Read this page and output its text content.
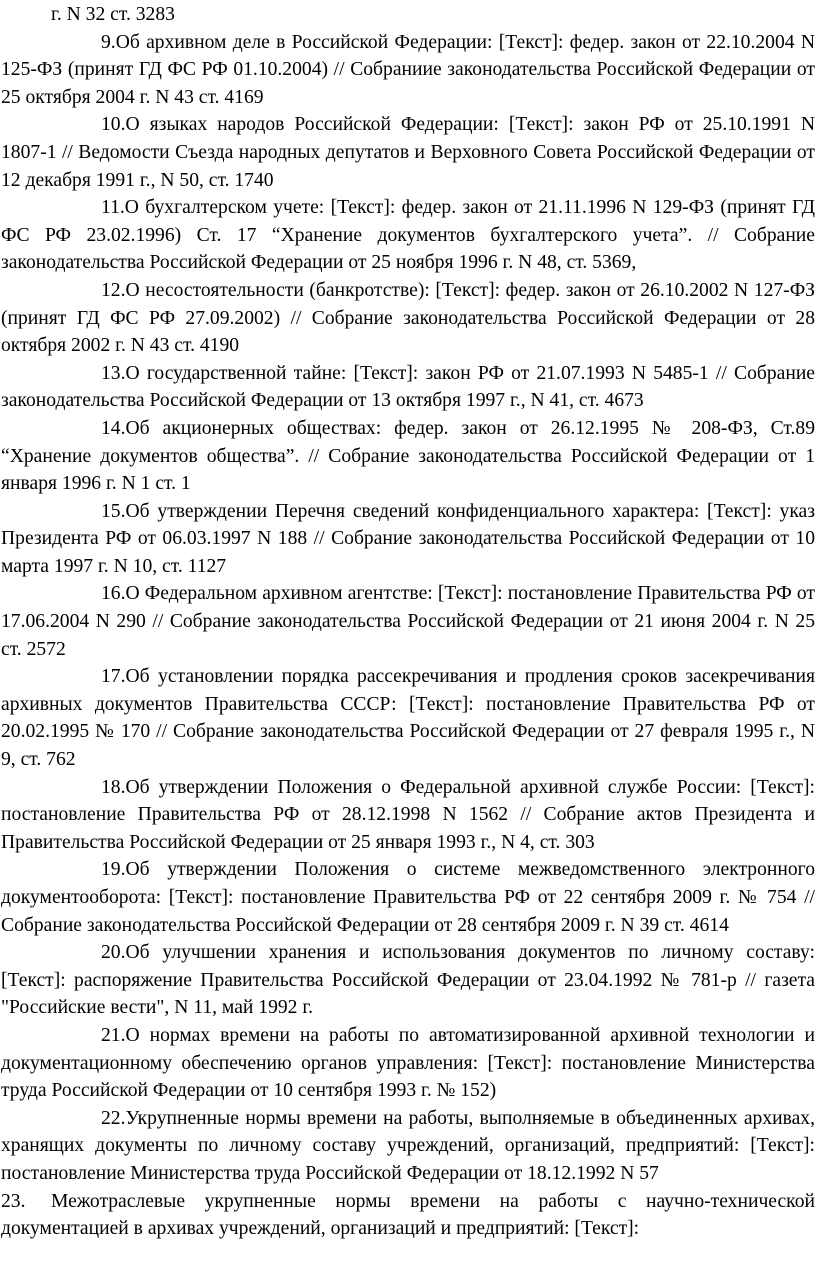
г. N 32 ст. 3283

9.Об архивном деле в Российской Федерации: [Текст]: федер. закон от 22.10.2004 N 125-ФЗ (принят ГД ФС РФ 01.10.2004) // Собраниие законодательства Российской Федерации от 25 октября 2004 г. N 43 ст. 4169

10.О языках народов Российской Федерации: [Текст]: закон РФ от 25.10.1991 N 1807-1 // Ведомости Съезда народных депутатов и Верховного Совета Российской Федерации от 12 декабря 1991 г., N 50, ст. 1740

11.О бухгалтерском учете: [Текст]: федер. закон от 21.11.1996 N 129-ФЗ (принят ГД ФС РФ 23.02.1996) Ст. 17 “Хранение документов бухгалтерского учета”. // Собрание законодательства Российской Федерации от 25 ноября 1996 г. N 48, ст. 5369,

12.О несостоятельности (банкротстве): [Текст]: федер. закон от 26.10.2002 N 127-ФЗ (принят ГД ФС РФ 27.09.2002) // Собрание законодательства Российской Федерации от 28 октября 2002 г. N 43 ст. 4190

13.О государственной тайне: [Текст]: закон РФ от 21.07.1993 N 5485-1 // Собрание законодательства Российской Федерации от 13 октября 1997 г., N 41, ст. 4673

14.Об акционерных обществах: федер. закон от 26.12.1995 № 208-ФЗ, Ст.89 “Хранение документов общества”. // Собрание законодательства Российской Федерации от 1 января 1996 г. N 1 ст. 1

15.Об утверждении Перечня сведений конфиденциального характера: [Текст]: указ Президента РФ от 06.03.1997 N 188 // Собрание законодательства Российской Федерации от 10 марта 1997 г. N 10, ст. 1127

16.О Федеральном архивном агентстве: [Текст]: постановление Правительства РФ от 17.06.2004 N 290 // Собрание законодательства Российской Федерации от 21 июня 2004 г. N 25 ст. 2572

17.Об установлении порядка рассекречивания и продления сроков засекречивания архивных документов Правительства СССР: [Текст]: постановление Правительства РФ от 20.02.1995 № 170 // Собрание законодательства Российской Федерации от 27 февраля 1995 г., N 9, ст. 762

18.Об утверждении Положения о Федеральной архивной службе России: [Текст]: постановление Правительства РФ от 28.12.1998 N 1562 // Собрание актов Президента и Правительства Российской Федерации от 25 января 1993 г., N 4, ст. 303

19.Об утверждении Положения о системе межведомственного электронного документооборота: [Текст]: постановление Правительства РФ от 22 сентября 2009 г. № 754 // Собрание законодательства Российской Федерации от 28 сентября 2009 г. N 39 ст. 4614

20.Об улучшении хранения и использования документов по личному составу: [Текст]: распоряжение Правительства Российской Федерации от 23.04.1992 № 781-р // газета "Российские вести", N 11, май 1992 г.

21.О нормах времени на работы по автоматизированной архивной технологии и документационному обеспечению органов управления: [Текст]: постановление Министерства труда Российской Федерации от 10 сентября 1993 г. № 152)

22.Укрупненные нормы времени на работы, выполняемые в объединенных архивах, хранящих документы по личному составу учреждений, организаций, предприятий: [Текст]: постановление Министерства труда Российской Федерации от 18.12.1992 N 57

23. Межотраслевые укрупненные нормы времени на работы с научно-технической документацией в архивах учреждений, организаций и предприятий: [Текст]:
